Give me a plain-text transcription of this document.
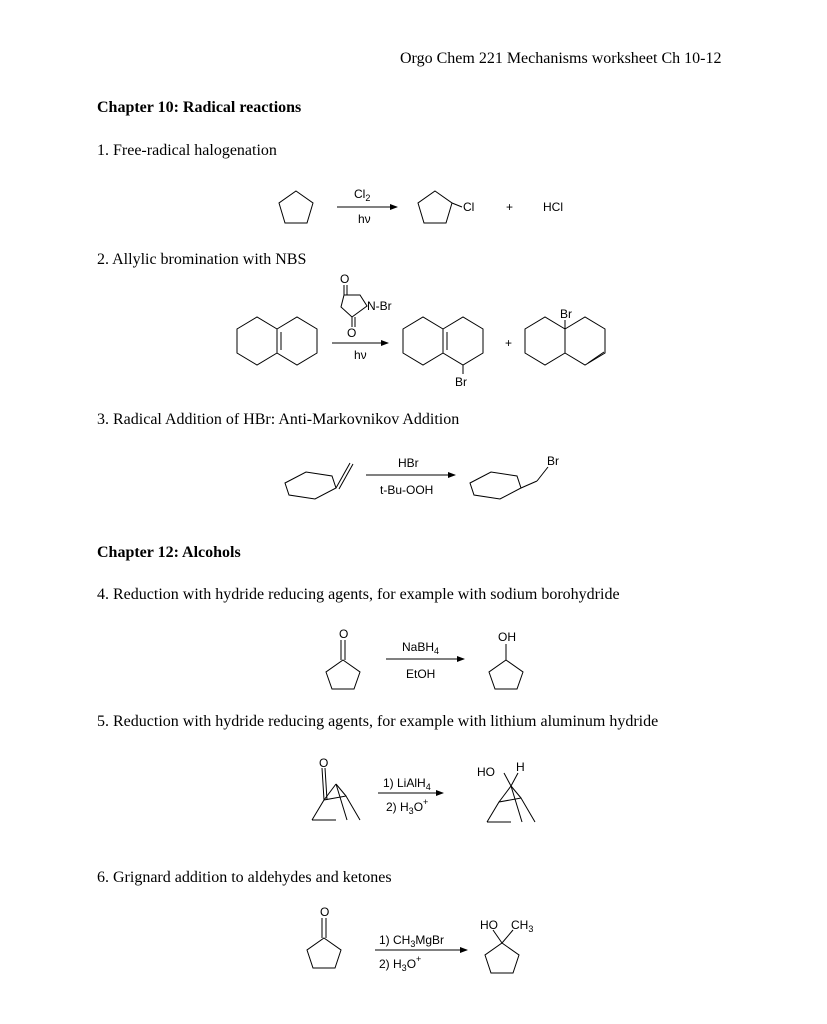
Orgo Chem 221 Mechanisms worksheet Ch 10-12
Chapter 10: Radical reactions
1. Free-radical halogenation
2. Allylic bromination with NBS
3. Radical Addition of HBr: Anti-Markovnikov Addition
Chapter 12: Alcohols
4. Reduction with hydride reducing agents, for example with sodium borohydride
5. Reduction with hydride reducing agents, for example with lithium aluminum hydride
6. Grignard addition to aldehydes and ketones
$Cl_2$
hν
Cl	+ HCl
O
N-Br
O
hν
Br
+
Br
HBr
t-Bu-OOH
Br
O
NaBH$_4$
EtOH
OH
O
1) LiAlH$_4$
2) $H_3O^+$
HO H
O
1) $CH_3MgBr$
2) $H_3O^+$
HO $CH_3$
